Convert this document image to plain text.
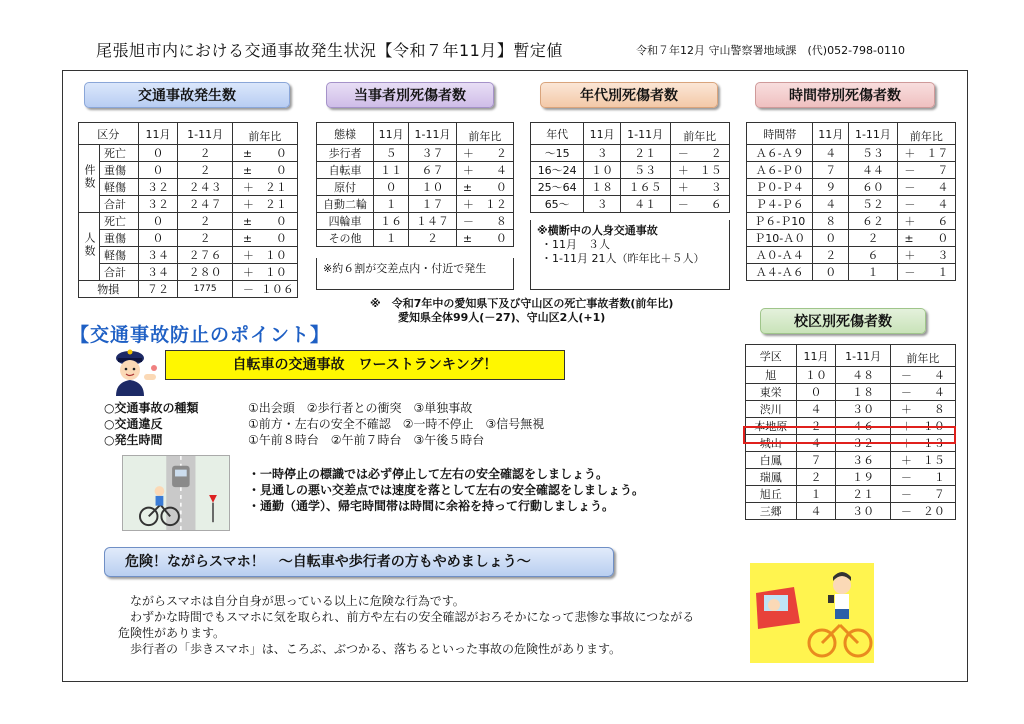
尾張旭市内における交通事故発生状況【令和７年11月】暫定値	令和７年12月 守山警察署地域課　(代)052-798-0110
交通事故発生数	当事者別死傷者数	年代別死傷者数	時間帯別死傷者数
校区別死傷者数
区分		11月	1-11月	前年比
件数	死亡	０	２	± ０
	重傷	０	２	± ０
	軽傷	３２	２４３	＋ ２１
	合計	３２	２４７	＋ ２１
人数	死亡	０	２	± ０
	重傷	０	２	± ０
	軽傷	３４	２７６	＋ １０
	合計	３４	２８０	＋ １０
物損		７２	1775	－ １０６
態様	11月	1-11月	前年比
歩行者	５	３７	＋ ２
自転車	１１	６７	＋ ４
原付	０	１０	± ０
自動二輪	１	１７	＋ １２
四輪車	１６	１４７	－ ８
その他	１	２	± ０
※約６割が交差点内・付近で発生
年代	11月	1-11月	前年比
～15	３	２１	－ ２
16～24	１０	５３	＋ １５
25～64	１８	１６５	＋ ３
65～	３	４１	－ ６
※横断中の人身交通事故
・11月　３人
・1-11月 21人（昨年比＋５人）
時間帯	11月	1-11月	前年比
Ａ６-Ａ９	４	５３	＋ １７
Ａ６-Ｐ０	７	４４	－ ７
Ｐ０-Ｐ４	９	６０	－ ４
Ｐ４-Ｐ６	４	５２	－ ４
Ｐ６-Ｐ10	８	６２	＋ ６
Ｐ10-Ａ０	０	２	± ０
Ａ０-Ａ４	２	６	＋ ３
Ａ４-Ａ６	０	１	－ １
学区	11月	1-11月	前年比
旭	１０	４８	－ ４
東栄	０	１８	－ ４
渋川	４	３０	＋ ８
本地原	２	４６	＋ １０
城山	４	３２	＋ １３
白鳳	７	３６	＋ １５
瑞鳳	２	１９	－ １
旭丘	１	２１	－ ７
三郷	４	３０	－ ２０
※　令和7年中の愛知県下及び守山区の死亡事故者数(前年比)
愛知県全体99人(－27)、守山区2人(+1)
【交通事故防止のポイント】
自転車の交通事故　ワーストランキング！
○交通事故の種類	①出会頭　②歩行者との衝突　③単独事故
○交通違反	①前方・左右の安全不確認　②一時不停止　③信号無視
○発生時間	①午前８時台　②午前７時台　③午後５時台
・一時停止の標識では必ず停止して左右の安全確認をしましょう。
・見通しの悪い交差点では速度を落として左右の安全確認をしましょう。
・通勤（通学）、帰宅時間帯は時間に余裕を持って行動しましょう。
危険！ながらスマホ！　～自転車や歩行者の方もやめましょう～
ながらスマホは自分自身が思っている以上に危険な行為です。
わずかな時間でもスマホに気を取られ、前方や左右の安全確認がおろそかになって悲惨な事故につながる危険性があります。
歩行者の「歩きスマホ」は、ころぶ、ぶつかる、落ちるといった事故の危険性があります。
